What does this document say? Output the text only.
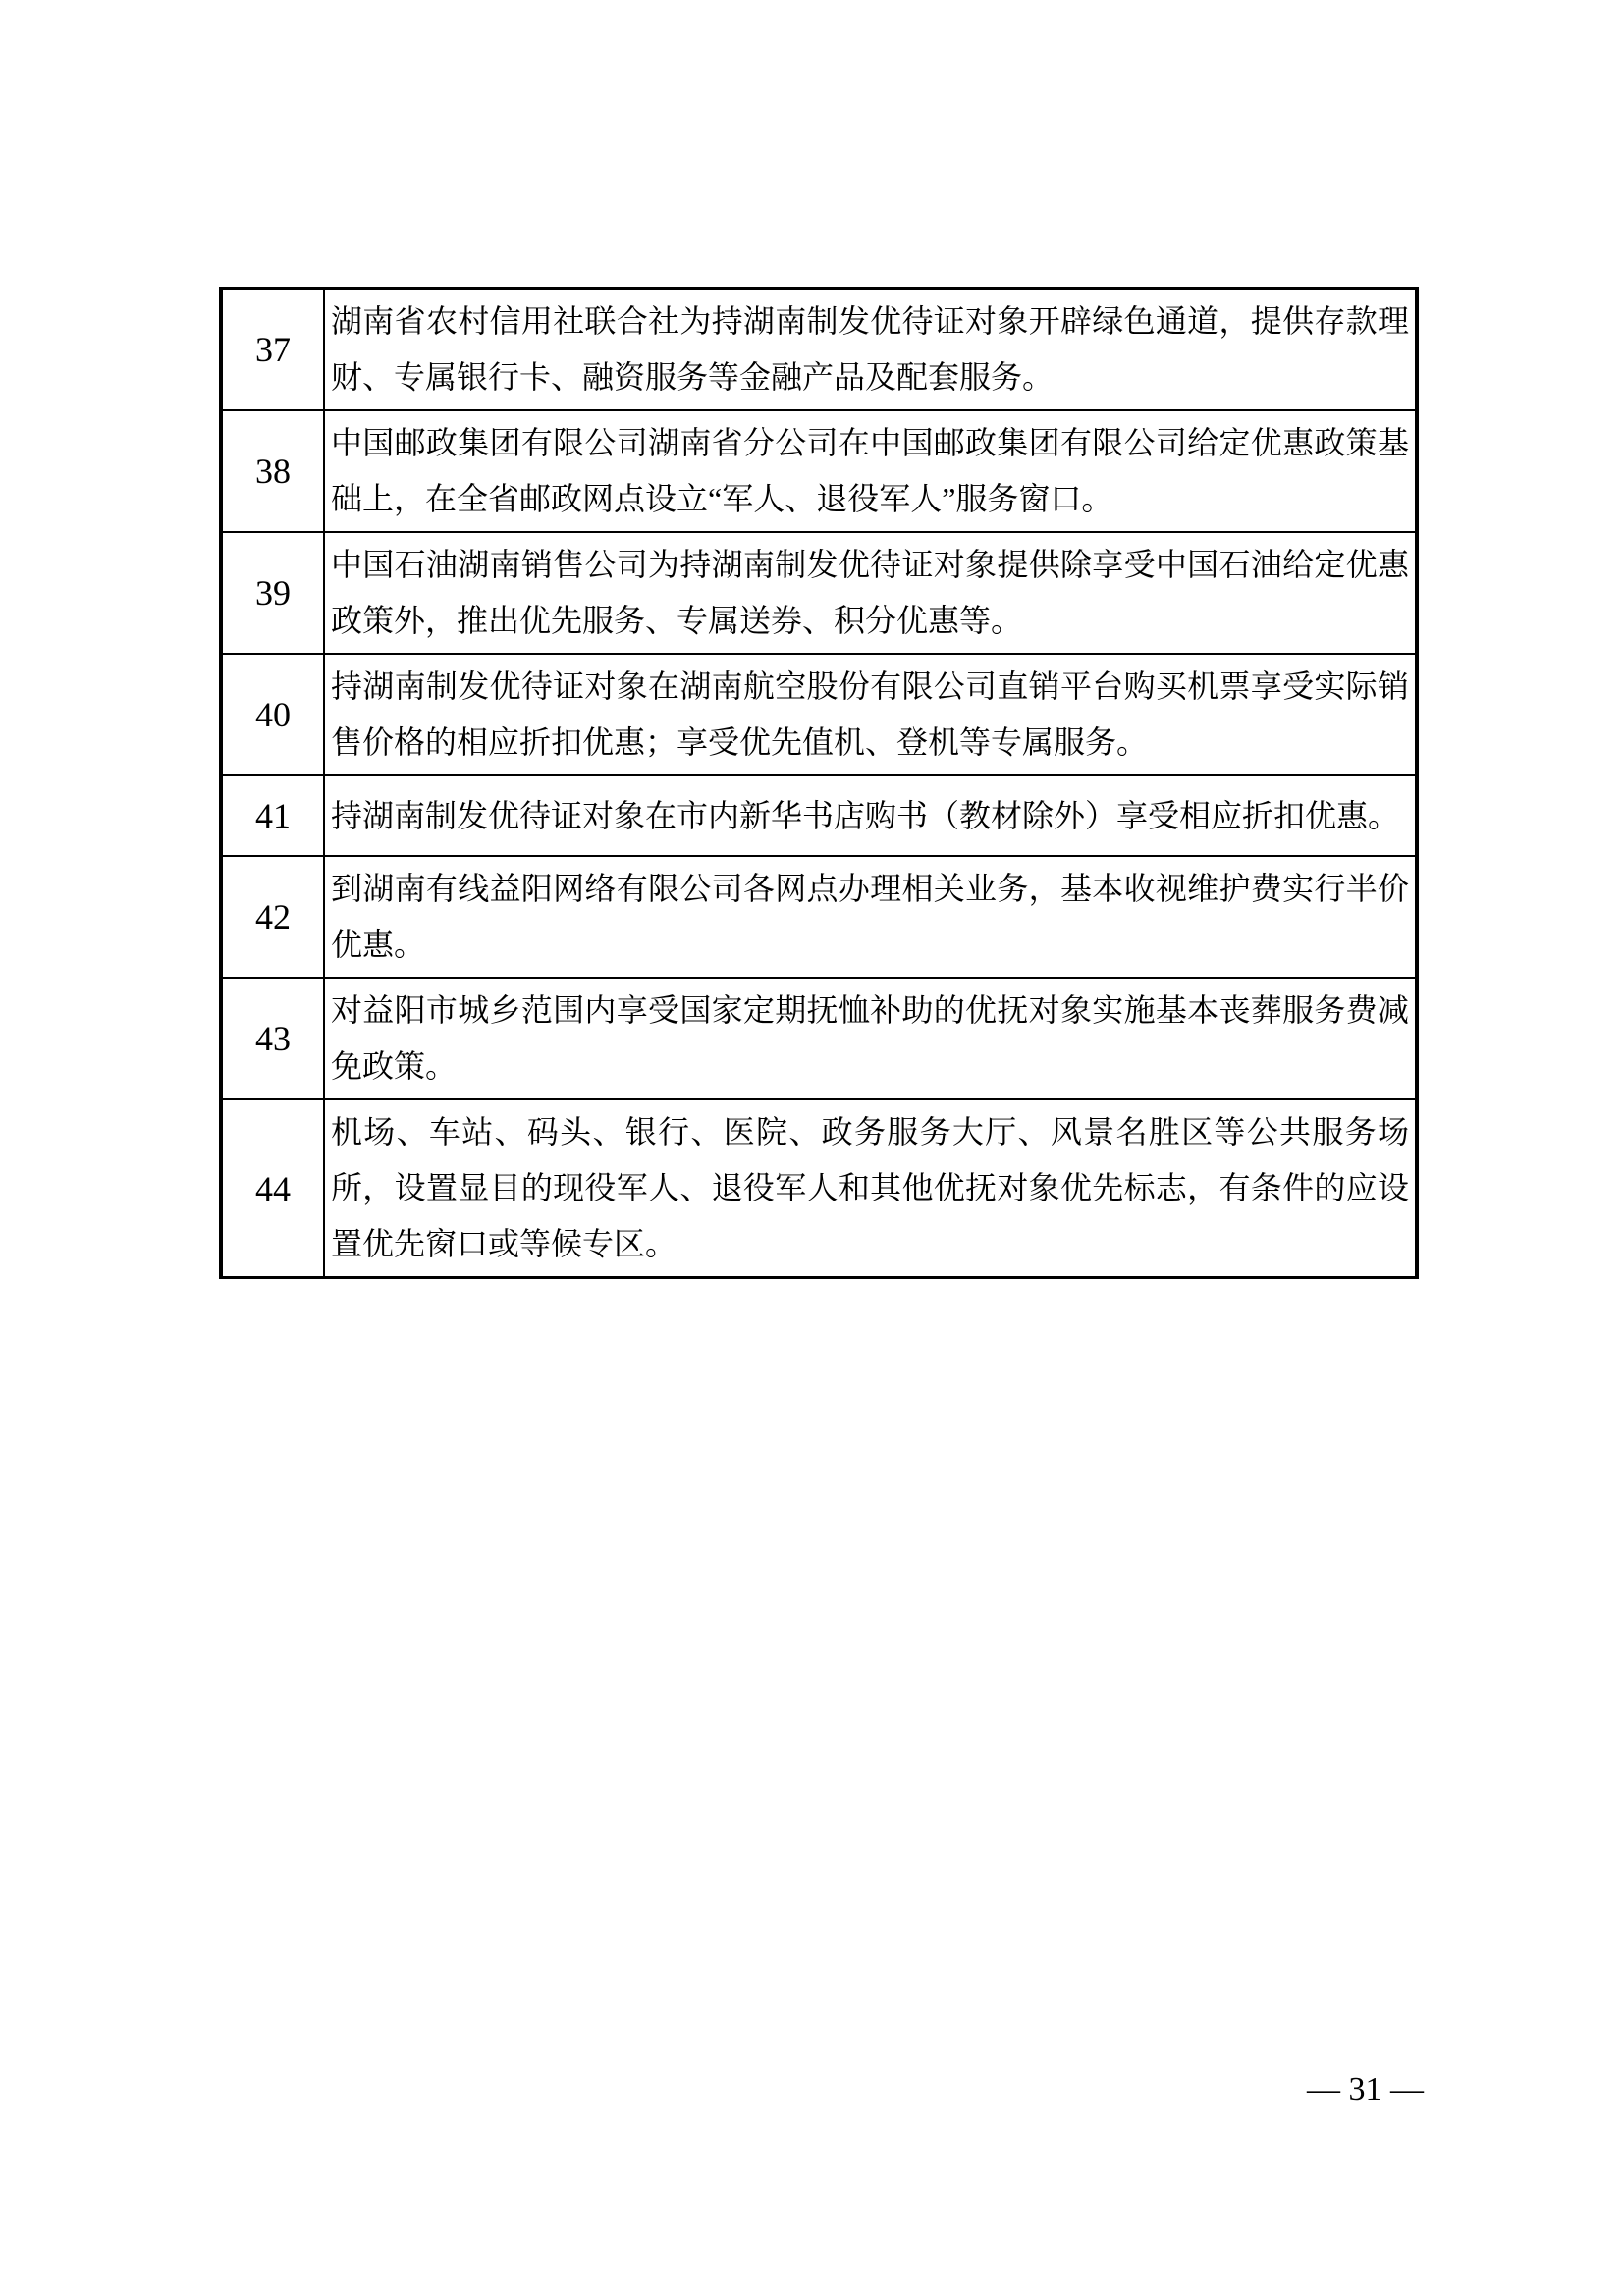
37	湖南省农村信用社联合社为持湖南制发优待证对象开辟绿色通道，提供存款理财、专属银行卡、融资服务等金融产品及配套服务。
38	中国邮政集团有限公司湖南省分公司在中国邮政集团有限公司给定优惠政策基础上，在全省邮政网点设立“军人、退役军人”服务窗口。
39	中国石油湖南销售公司为持湖南制发优待证对象提供除享受中国石油给定优惠政策外，推出优先服务、专属送券、积分优惠等。
40	持湖南制发优待证对象在湖南航空股份有限公司直销平台购买机票享受实际销售价格的相应折扣优惠；享受优先值机、登机等专属服务。
41	持湖南制发优待证对象在市内新华书店购书（教材除外）享受相应折扣优惠。
42	到湖南有线益阳网络有限公司各网点办理相关业务，基本收视维护费实行半价优惠。
43	对益阳市城乡范围内享受国家定期抚恤补助的优抚对象实施基本丧葬服务费减免政策。
44	机场、车站、码头、银行、医院、政务服务大厅、风景名胜区等公共服务场所，设置显目的现役军人、退役军人和其他优抚对象优先标志，有条件的应设置优先窗口或等候专区。
— 31 —
